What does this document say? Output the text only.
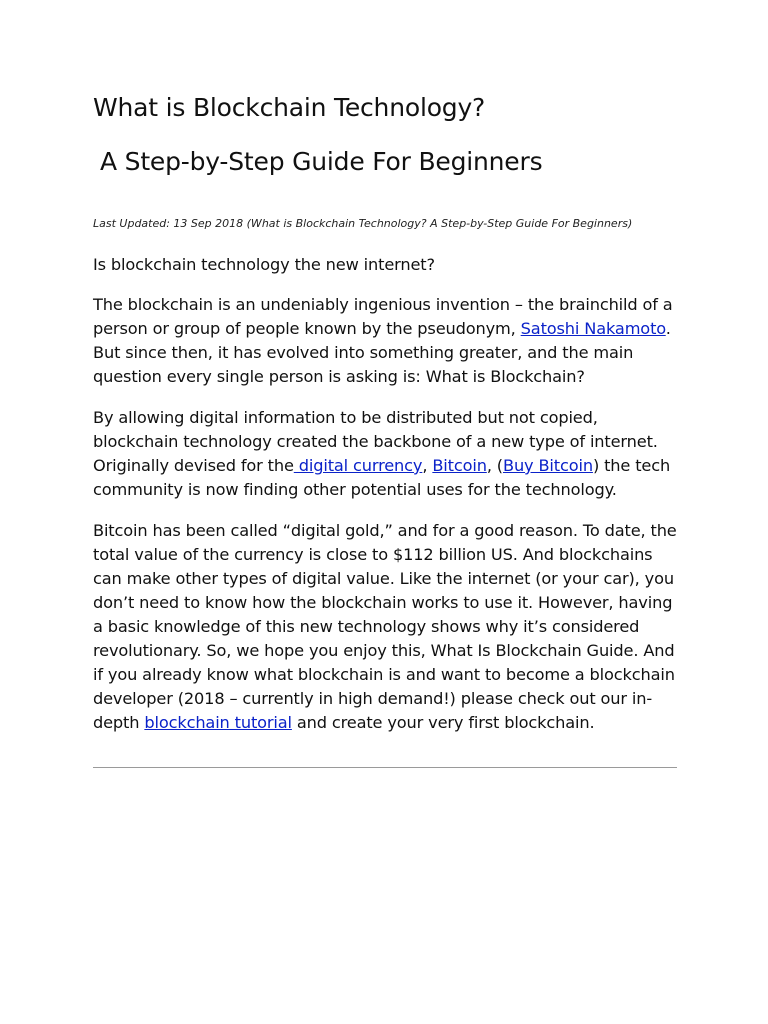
What is Blockchain Technology?
A Step-by-Step Guide For Beginners

Last Updated: 13 Sep 2018 (What is Blockchain Technology? A Step-by-Step Guide For Beginners)

Is blockchain technology the new internet?

The blockchain is an undeniably ingenious invention – the brainchild of a person or group of people known by the pseudonym, Satoshi Nakamoto. But since then, it has evolved into something greater, and the main question every single person is asking is: What is Blockchain?

By allowing digital information to be distributed but not copied, blockchain technology created the backbone of a new type of internet. Originally devised for the digital currency, Bitcoin, (Buy Bitcoin) the tech community is now finding other potential uses for the technology.

Bitcoin has been called “digital gold,” and for a good reason. To date, the total value of the currency is close to $112 billion US. And blockchains can make other types of digital value. Like the internet (or your car), you don’t need to know how the blockchain works to use it. However, having a basic knowledge of this new technology shows why it’s considered revolutionary. So, we hope you enjoy this, What Is Blockchain Guide. And if you already know what blockchain is and want to become a blockchain developer (2018 – currently in high demand!) please check out our in-depth blockchain tutorial and create your very first blockchain.
